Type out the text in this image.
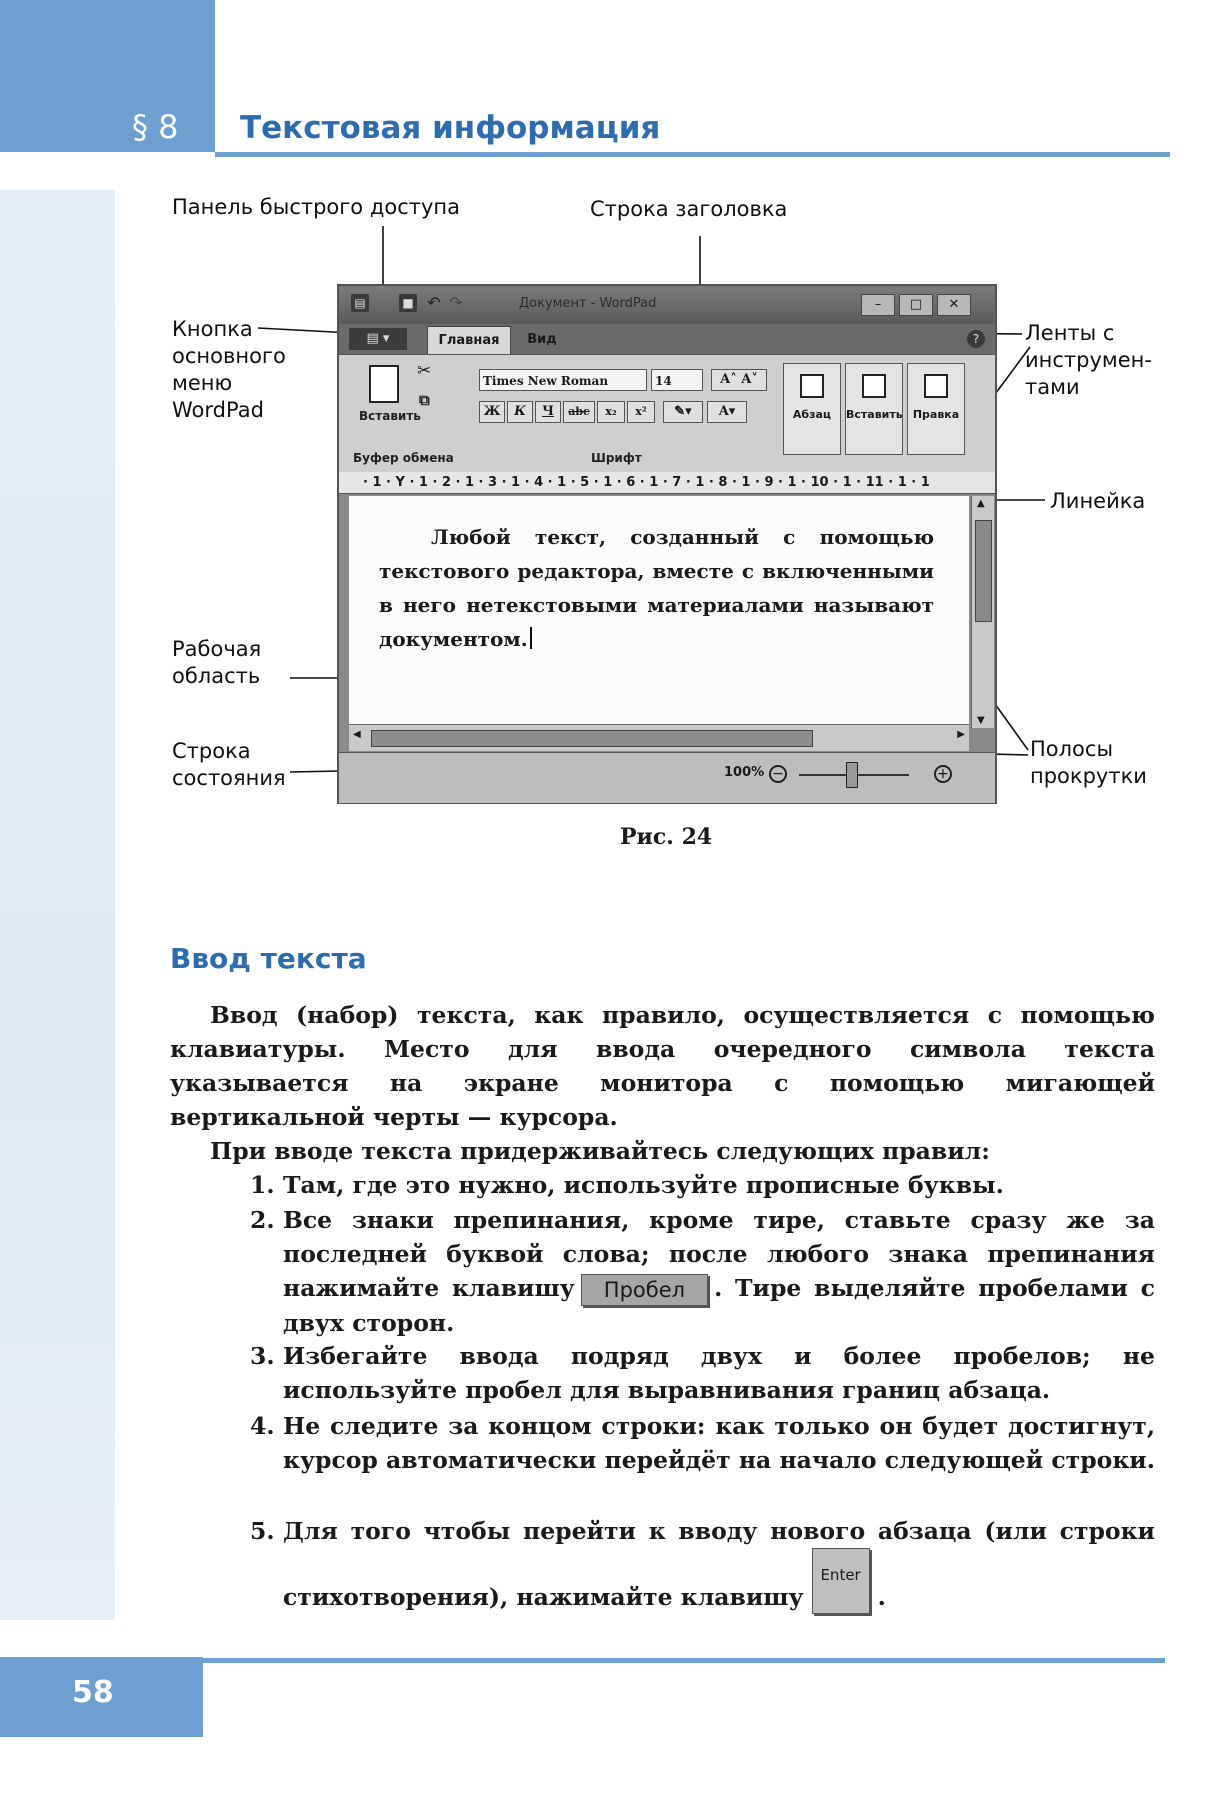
§ 8 Текстовая информация
Панель быстрого доступа	Строка заголовка
Кнопка
основного
меню
WordPad
Ленты с
инструмен-
тами
Линейка
Рабочая
область
Строка
состояния
Полосы
прокрутки
▤	■ ↶ ↷	Документ - WordPad	–	□	✕
▤ ▾	Главная	Вид	?
Вставить
✂
⧉
Буфер обмена
Times New Roman	14	A˄ A˅
Ж	К	Ч	abc	x₂	x²	✎▾	A▾
Шрифт
Абзац	Вставить Правка
· 1 · Y · 1 · 2 · 1 · 3 · 1 · 4 · 1 · 5 · 1 · 6 · 1 · 7 · 1 · 8 · 1 · 9 · 1 · 10 · 1 · 11 · 1 · 1
Любой текст, созданный с помощью текстового редактора, вместе с включенными в него нетекстовыми материалами называют документом.
▲
▼
◀	▶
100% −	+
Рис. 24
Ввод текста
Ввод (набор) текста, как правило, осуществляется с помощью клавиатуры. Место для ввода очередного символа текста указывается на экране монитора с помощью мигающей вертикальной черты — курсора.
При вводе текста придерживайтесь следующих правил:
1. Там, где это нужно, используйте прописные буквы.
2. Все знаки препинания, кроме тире, ставьте сразу же за последней буквой слова; после любого знака препинания нажимайте клавишу Пробел . Тире выделяйте пробелами с двух сторон.
3. Избегайте ввода подряд двух и более пробелов; не используйте пробел для выравнивания границ абзаца.
4. Не следите за концом строки: как только он будет достигнут, курсор автоматически перейдёт на начало следующей строки.
5. Для того чтобы перейти к вводу нового абзаца (или строки стихотворения), нажимайте клавишуEnter.
58
